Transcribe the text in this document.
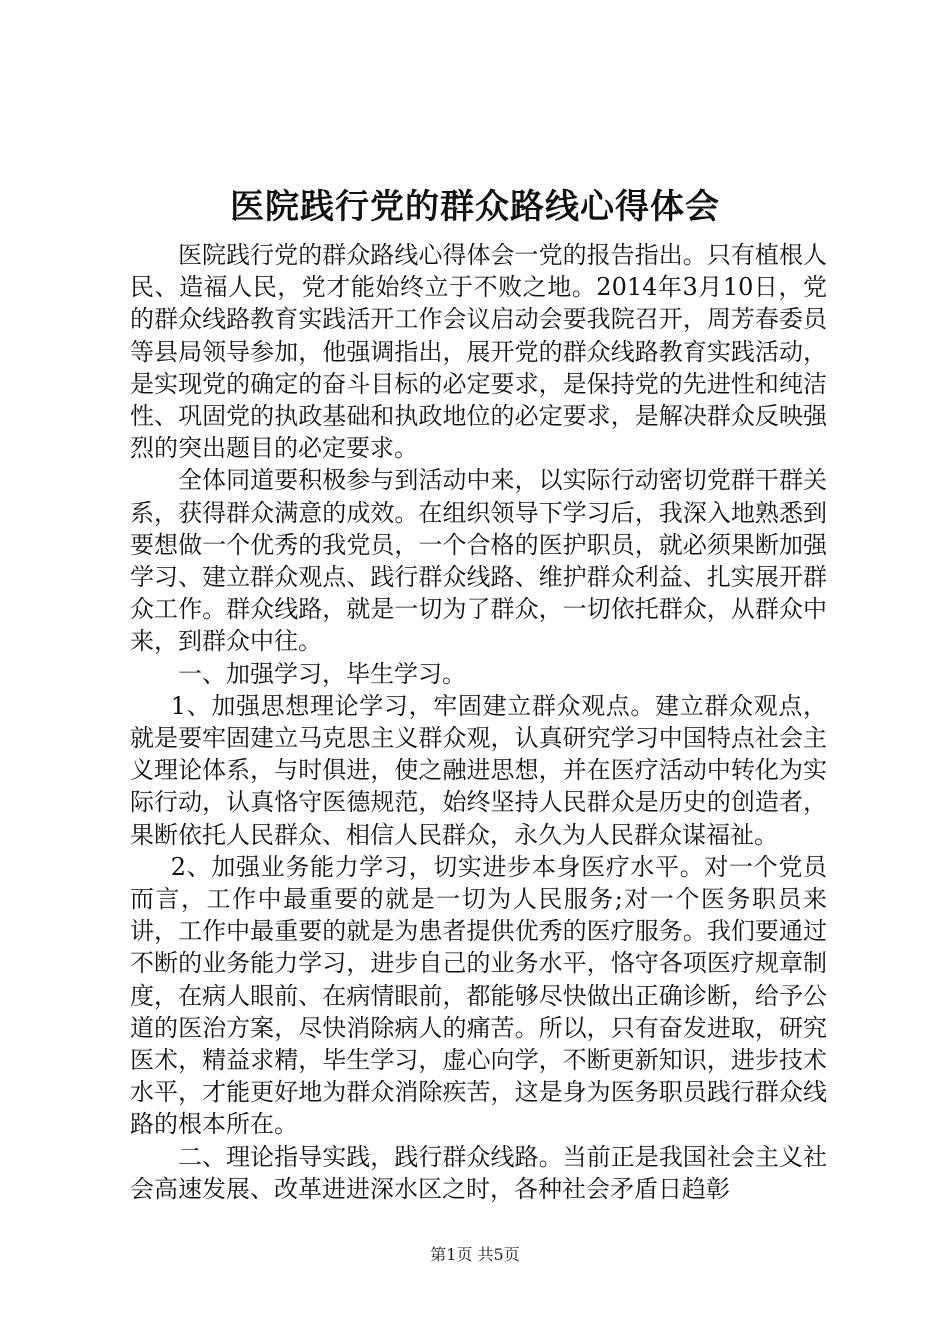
医院践行党的群众路线心得体会

医院践行党的群众路线心得体会一党的报告指出。只有植根人民、造福人民，党才能始终立于不败之地。2014年3月10日，党的群众线路教育实践活开工作会议启动会要我院召开，周芳春委员等县局领导参加，他强调指出，展开党的群众线路教育实践活动，是实现党的确定的奋斗目标的必定要求，是保持党的先进性和纯洁性、巩固党的执政基础和执政地位的必定要求，是解决群众反映强烈的突出题目的必定要求。

全体同道要积极参与到活动中来，以实际行动密切党群干群关系，获得群众满意的成效。在组织领导下学习后，我深入地熟悉到要想做一个优秀的我党员，一个合格的医护职员，就必须果断加强学习、建立群众观点、践行群众线路、维护群众利益、扎实展开群众工作。群众线路，就是一切为了群众，一切依托群众，从群众中来，到群众中往。

一、加强学习，毕生学习。

1、加强思想理论学习，牢固建立群众观点。建立群众观点，就是要牢固建立马克思主义群众观，认真研究学习中国特点社会主义理论体系，与时俱进，使之融进思想，并在医疗活动中转化为实际行动，认真恪守医德规范，始终坚持人民群众是历史的创造者，果断依托人民群众、相信人民群众，永久为人民群众谋福祉。

2、加强业务能力学习，切实进步本身医疗水平。对一个党员而言，工作中最重要的就是一切为人民服务;对一个医务职员来讲，工作中最重要的就是为患者提供优秀的医疗服务。我们要通过不断的业务能力学习，进步自己的业务水平，恪守各项医疗规章制度，在病人眼前、在病情眼前，都能够尽快做出正确诊断，给予公道的医治方案，尽快消除病人的痛苦。所以，只有奋发进取，研究医术，精益求精，毕生学习，虚心向学，不断更新知识，进步技术水平，才能更好地为群众消除疾苦，这是身为医务职员践行群众线路的根本所在。

二、理论指导实践，践行群众线路。当前正是我国社会主义社会高速发展、改革进进深水区之时，各种社会矛盾日趋彰

第1页 共5页
